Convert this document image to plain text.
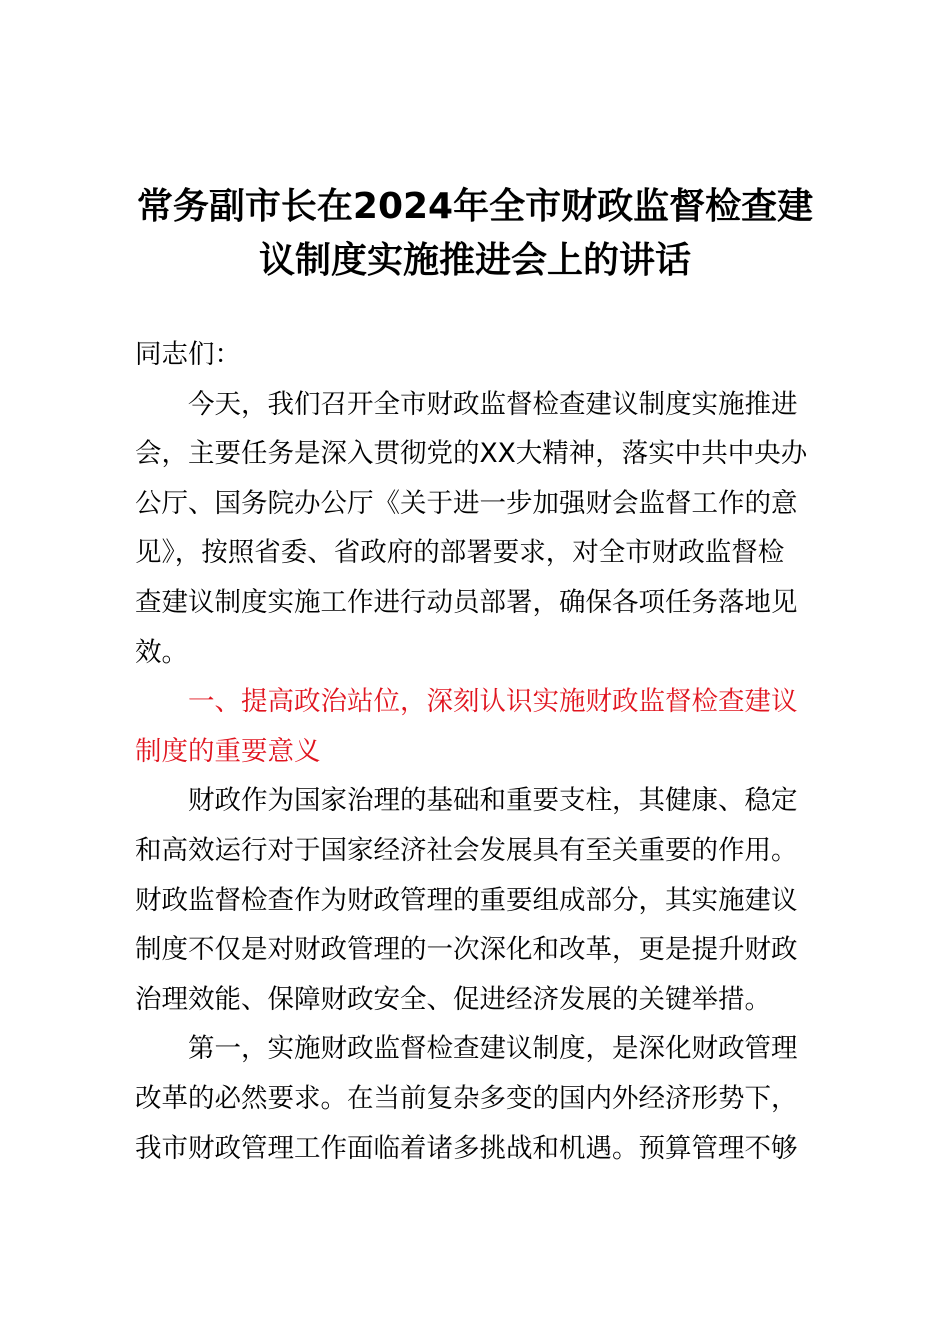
常务副市长在2024年全市财政监督检查建
议制度实施推进会上的讲话

同志们：

今天，我们召开全市财政监督检查建议制度实施推进
会，主要任务是深入贯彻党的XX大精神，落实中共中央办
公厅、国务院办公厅《关于进一步加强财会监督工作的意
见》，按照省委、省政府的部署要求，对全市财政监督检
查建议制度实施工作进行动员部署，确保各项任务落地见
效。

一、提高政治站位，深刻认识实施财政监督检查建议
制度的重要意义

财政作为国家治理的基础和重要支柱，其健康、稳定
和高效运行对于国家经济社会发展具有至关重要的作用。
财政监督检查作为财政管理的重要组成部分，其实施建议
制度不仅是对财政管理的一次深化和改革，更是提升财政
治理效能、保障财政安全、促进经济发展的关键举措。

第一，实施财政监督检查建议制度，是深化财政管理
改革的必然要求。在当前复杂多变的国内外经济形势下，
我市财政管理工作面临着诸多挑战和机遇。预算管理不够
